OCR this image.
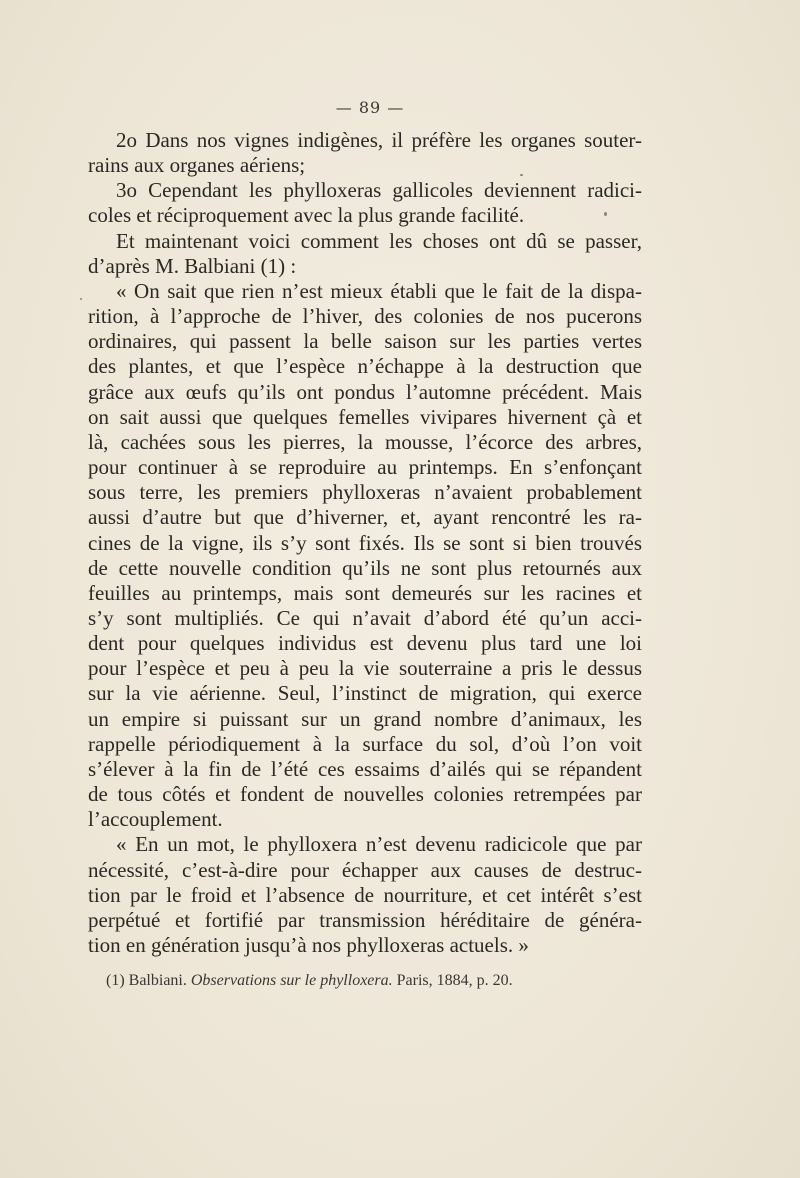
— 89 —
2o Dans nos vignes indigènes, il préfère les organes souter-
rains aux organes aériens;
3o Cependant les phylloxeras gallicoles deviennent radici-
coles et réciproquement avec la plus grande facilité.
Et maintenant voici comment les choses ont dû se passer,
d’après M. Balbiani (1) :
« On sait que rien n’est mieux établi que le fait de la dispa-
rition, à l’approche de l’hiver, des colonies de nos pucerons
ordinaires, qui passent la belle saison sur les parties vertes
des plantes, et que l’espèce n’échappe à la destruction que
grâce aux œufs qu’ils ont pondus l’automne précédent. Mais
on sait aussi que quelques femelles vivipares hivernent çà et
là, cachées sous les pierres, la mousse, l’écorce des arbres,
pour continuer à se reproduire au printemps. En s’enfonçant
sous terre, les premiers phylloxeras n’avaient probablement
aussi d’autre but que d’hiverner, et, ayant rencontré les ra-
cines de la vigne, ils s’y sont fixés. Ils se sont si bien trouvés
de cette nouvelle condition qu’ils ne sont plus retournés aux
feuilles au printemps, mais sont demeurés sur les racines et
s’y sont multipliés. Ce qui n’avait d’abord été qu’un acci-
dent pour quelques individus est devenu plus tard une loi
pour l’espèce et peu à peu la vie souterraine a pris le dessus
sur la vie aérienne. Seul, l’instinct de migration, qui exerce
un empire si puissant sur un grand nombre d’animaux, les
rappelle périodiquement à la surface du sol, d’où l’on voit
s’élever à la fin de l’été ces essaims d’ailés qui se répandent
de tous côtés et fondent de nouvelles colonies retrempées par
l’accouplement.
« En un mot, le phylloxera n’est devenu radicicole que par
nécessité, c’est-à-dire pour échapper aux causes de destruc-
tion par le froid et l’absence de nourriture, et cet intérêt s’est
perpétué et fortifié par transmission héréditaire de généra-
tion en génération jusqu’à nos phylloxeras actuels. »
(1) Balbiani. Observations sur le phylloxera. Paris, 1884, p. 20.
